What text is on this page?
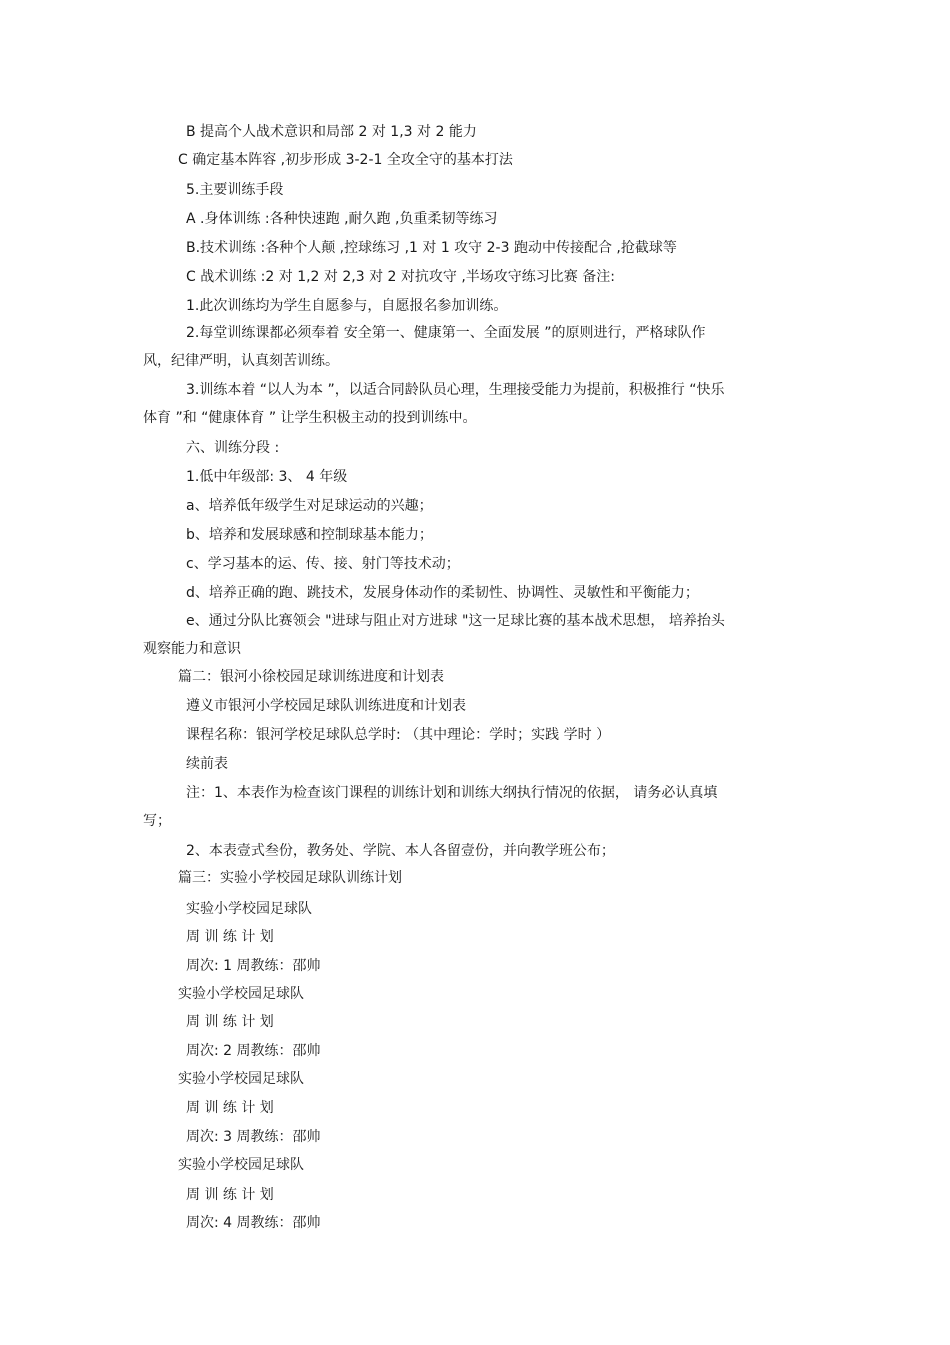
B 提高个人战术意识和局部 2 对 1,3 对 2 能力
C 确定基本阵容 ,初步形成 3-2-1 全攻全守的基本打法
5.主要训练手段
A .身体训练 :各种快速跑 ,耐久跑 ,负重柔韧等练习
B.技术训练 :各种个人颠 ,控球练习 ,1 对 1 攻守 2-3 跑动中传接配合 ,抢截球等
C 战术训练 :2 对 1,2 对 2,3 对 2 对抗攻守 ,半场攻守练习比赛 备注:
1.此次训练均为学生自愿参与，自愿报名参加训练。
2.每堂训练课都必须奉着 安全第一、健康第一、全面发展 ”的原则进行，严格球队作
风，纪律严明，认真刻苦训练。
3.训练本着 “以人为本 ”，以适合同龄队员心理，生理接受能力为提前，积极推行 “快乐
体育 ”和 “健康体育 ” 让学生积极主动的投到训练中。
六、训练分段 :
1.低中年级部: 3、 4 年级
a、培养低年级学生对足球运动的兴趣；
b、培养和发展球感和控制球基本能力；
c、学习基本的运、传、接、射门等技术动；
d、培养正确的跑、跳技术，发展身体动作的柔韧性、协调性、灵敏性和平衡能力；
e、通过分队比赛领会 "进球与阻止对方进球 "这一足球比赛的基本战术思想， 培养抬头
观察能力和意识
篇二：银河小徐校园足球训练进度和计划表
遵义市银河小学校园足球队训练进度和计划表
课程名称：银河学校足球队总学时: （其中理论：学时；实践 学时 ）
续前表
注：1、本表作为检查该门课程的训练计划和训练大纲执行情况的依据， 请务必认真填
写；
2、本表壹式叁份，教务处、学院、本人各留壹份，并向教学班公布；
篇三：实验小学校园足球队训练计划
实验小学校园足球队
周 训 练 计 划
周次: 1 周教练：邵帅
实验小学校园足球队
周 训 练 计 划
周次: 2 周教练：邵帅
实验小学校园足球队
周 训 练 计 划
周次: 3 周教练：邵帅
实验小学校园足球队
周 训 练 计 划
周次: 4 周教练：邵帅
